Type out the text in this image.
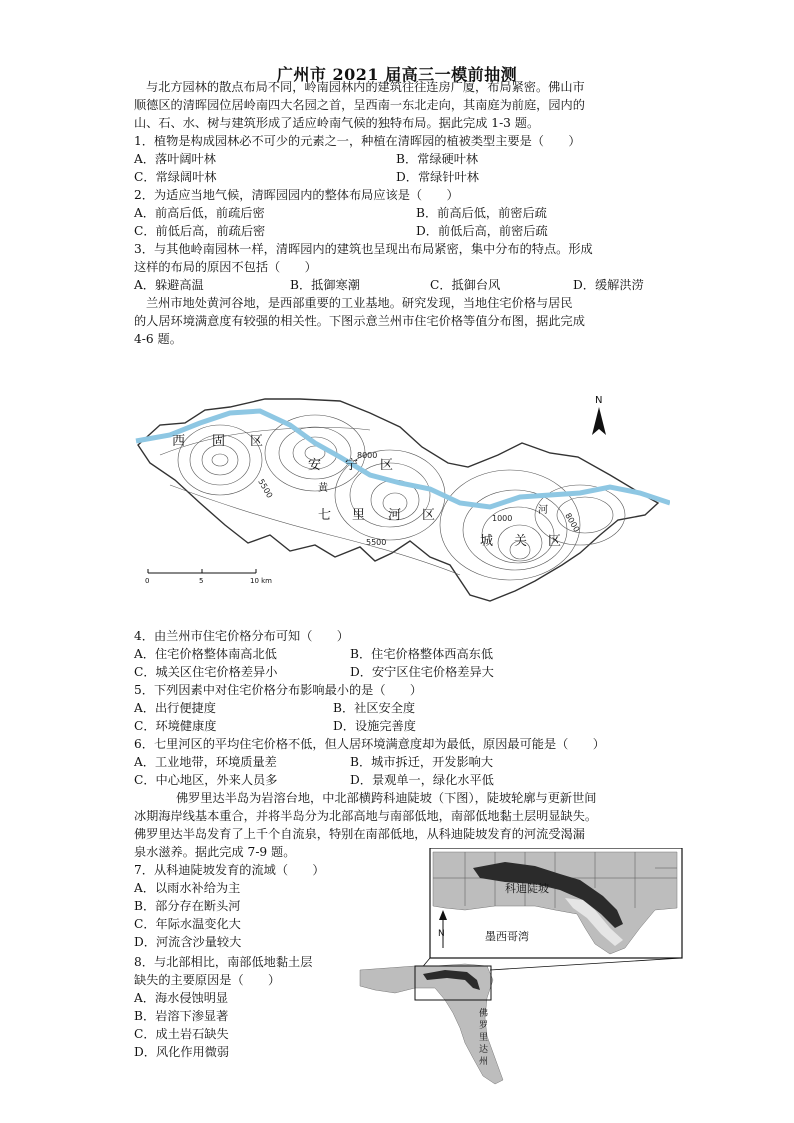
广州市 2021 届高三一模前抽测
与北方园林的散点布局不同，岭南园林内的建筑往往连房广厦，布局紧密。佛山市
顺德区的清晖园位居岭南四大名园之首，呈西南一东北走向，其南庭为前庭，园内的
山、石、水、树与建筑形成了适应岭南气候的独特布局。据此完成 1-3 题。
1．植物是构成园林必不可少的元素之一，种植在清晖园的植被类型主要是（　　）
A．落叶阔叶林	B．常绿硬叶林
C．常绿阔叶林	D．常绿针叶林
2．为适应当地气候，清晖园园内的整体布局应该是（　　）
A．前高后低，前疏后密	B．前高后低，前密后疏
C．前低后高，前疏后密	D．前低后高，前密后疏
3．与其他岭南园林一样，清晖园内的建筑也呈现出布局紧密，集中分布的特点。形成
这样的布局的原因不包括（　　）
A．躲避高温	B．抵御寒潮	C．抵御台风	D．缓解洪涝
兰州市地处黄河谷地，是西部重要的工业基地。研究发现，当地住宅价格与居民
的人居环境满意度有较强的相关性。下图示意兰州市住宅价格等值分布图，据此完成
4-6 题。
西 固 区
安 宁 区
七 里 河 区
城 关 区
黄
河
5500
8000
5500
1000	8000
0	5	10 km
N
4．由兰州市住宅价格分布可知（　　）
A．住宅价格整体南高北低	B．住宅价格整体西高东低
C．城关区住宅价格差异小	D．安宁区住宅价格差异大
5．下列因素中对住宅价格分布影响最小的是（　　）
A．出行便捷度	B．社区安全度
C．环境健康度	D．设施完善度
6．七里河区的平均住宅价格不低，但人居环境满意度却为最低，原因最可能是（　　）
A．工业地带，环境质量差	B．城市拆迁，开发影响大
C．中心地区，外来人员多	D．景观单一，绿化水平低
佛罗里达半岛为岩溶台地，中北部横跨科迪陡坡（下图），陡坡轮廓与更新世间
冰期海岸线基本重合，并将半岛分为北部高地与南部低地，南部低地黏土层明显缺失。
佛罗里达半岛发育了上千个自流泉，特别在南部低地，从科迪陡坡发育的河流受渴漏
泉水滋养。据此完成 7-9 题。
7．从科迪陡坡发育的流域（　　）
A．以雨水补给为主
B．部分存在断头河
C．年际水温变化大
D．河流含沙量较大
8．与北部相比，南部低地黏土层
缺失的主要原因是（　　）
A．海水侵蚀明显
B．岩溶下渗显著
C．成土岩石缺失
D．风化作用微弱
科迪陡坡
墨西哥湾
N
佛
罗
里
达
州
